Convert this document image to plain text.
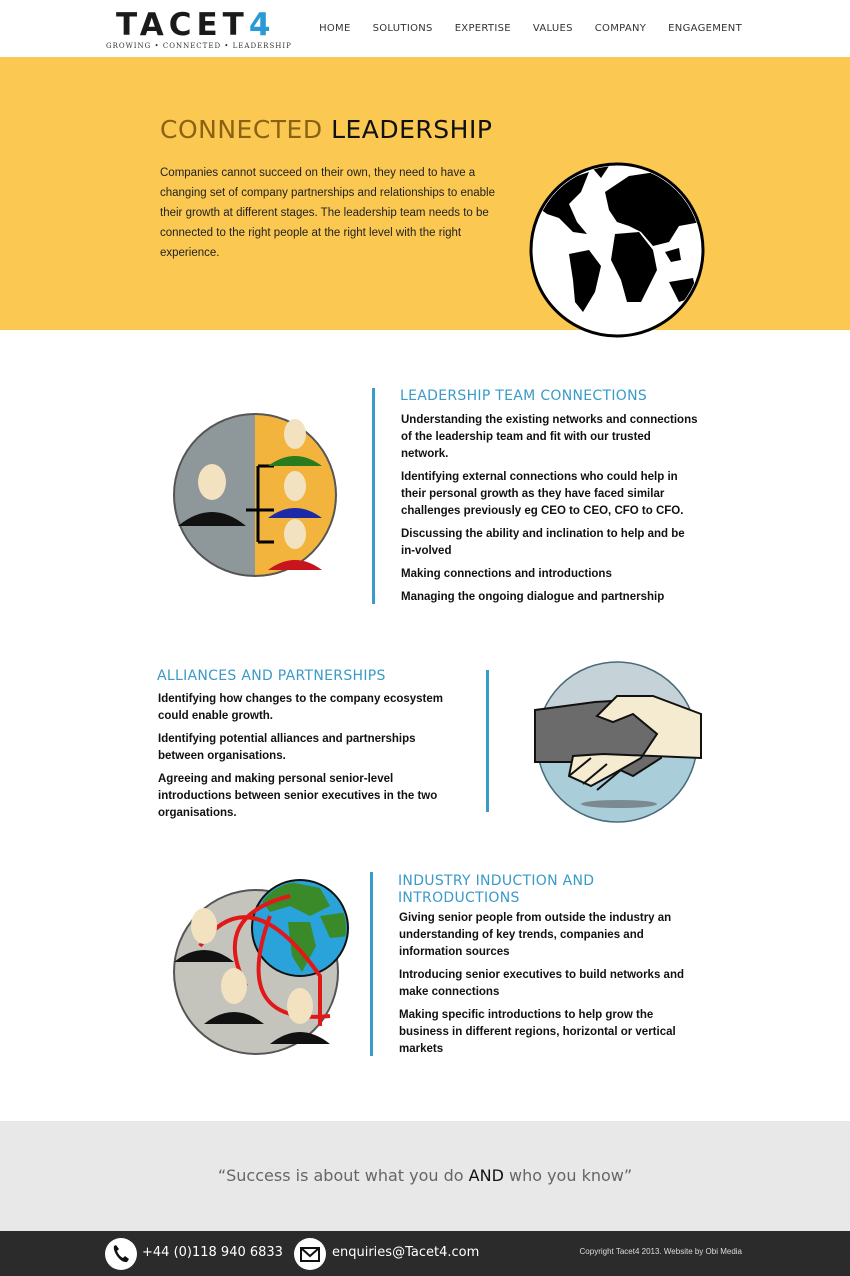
TACET4
GROWING • CONNECTED • LEADERSHIP
HOME SOLUTIONS EXPERTISE VALUES COMPANY ENGAGEMENT
CONNECTED LEADERSHIP
Companies cannot succeed on their own, they need to have a changing set of company partnerships and relationships to enable their growth at different stages. The leadership team needs to be connected to the right people at the right level with the right experience.
LEADERSHIP TEAM CONNECTIONS
Understanding the existing networks and connections of the leadership team and fit with our trusted network.
Identifying external connections who could help in their personal growth as they have faced similar challenges previously eg CEO to CEO, CFO to CFO.
Discussing the ability and inclination to help and be in-volved
Making connections and introductions
Managing the ongoing dialogue and partnership
ALLIANCES AND PARTNERSHIPS
Identifying how changes to the company ecosystem could enable growth.
Identifying potential alliances and partnerships between organisations.
Agreeing and making personal senior-level introductions between senior executives in the two organisations.
INDUSTRY INDUCTION AND INTRODUCTIONS
Giving senior people from outside the industry an understanding of key trends, companies and information sources
Introducing senior executives to build networks and make connections
Making specific introductions to help grow the business in different regions, horizontal or vertical markets
“Success is about what you do AND who you know”
+44 (0)118 940 6833	enquiries@Tacet4.com	Copyright Tacet4 2013. Website by Obi Media
